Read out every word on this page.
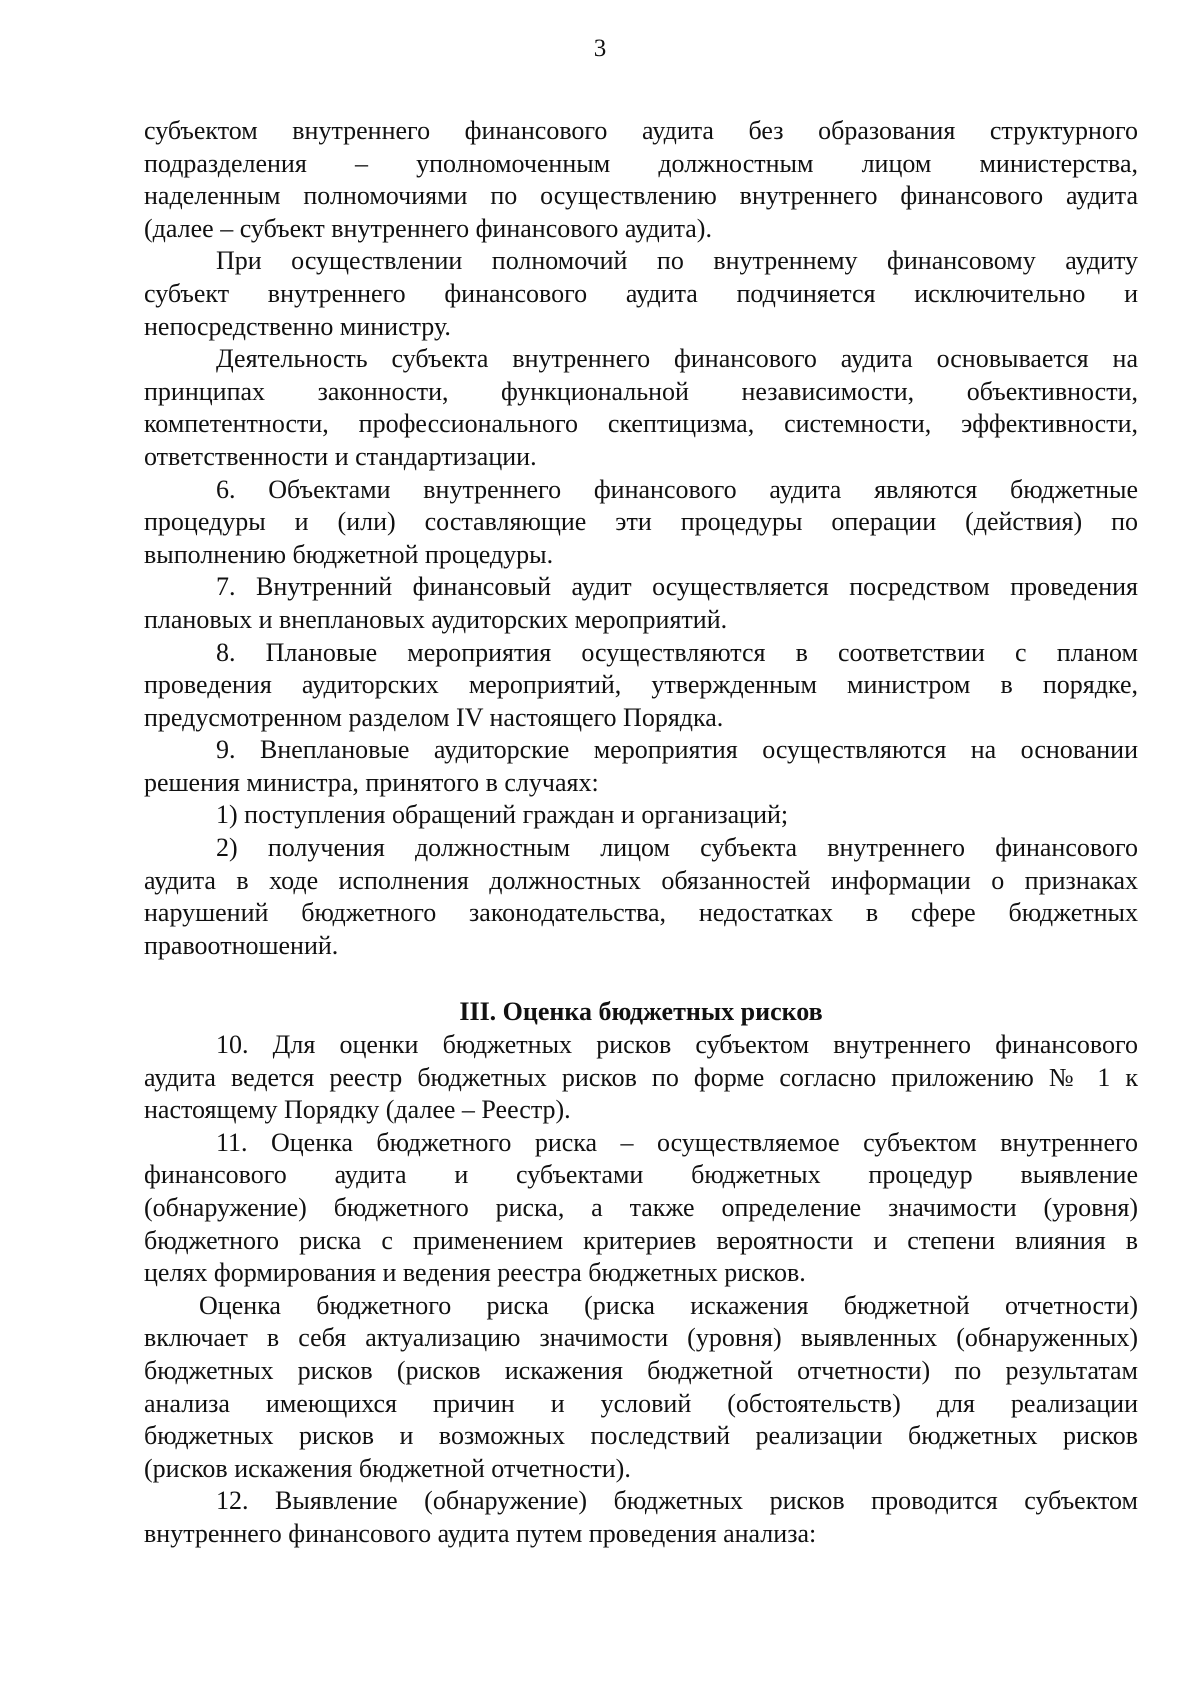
3
субъектом внутреннего финансового аудита без образования структурного
подразделения – уполномоченным должностным лицом министерства,
наделенным полномочиями по осуществлению внутреннего финансового аудита
(далее – субъект внутреннего финансового аудита).
При осуществлении полномочий по внутреннему финансовому аудиту
субъект внутреннего финансового аудита подчиняется исключительно и
непосредственно министру.
Деятельность субъекта внутреннего финансового аудита основывается на
принципах законности, функциональной независимости, объективности,
компетентности, профессионального скептицизма, системности, эффективности,
ответственности и стандартизации.
6. Объектами внутреннего финансового аудита являются бюджетные
процедуры и (или) составляющие эти процедуры операции (действия) по
выполнению бюджетной процедуры.
7. Внутренний финансовый аудит осуществляется посредством проведения
плановых и внеплановых аудиторских мероприятий.
8. Плановые мероприятия осуществляются в соответствии с планом
проведения аудиторских мероприятий, утвержденным министром в порядке,
предусмотренном разделом IV настоящего Порядка.
9. Внеплановые аудиторские мероприятия осуществляются на основании
решения министра, принятого в случаях:
1) поступления обращений граждан и организаций;
2) получения должностным лицом субъекта внутреннего финансового
аудита в ходе исполнения должностных обязанностей информации о признаках
нарушений бюджетного законодательства, недостатках в сфере бюджетных
правоотношений.
III. Оценка бюджетных рисков
10. Для оценки бюджетных рисков субъектом внутреннего финансового
аудита ведется реестр бюджетных рисков по форме согласно приложению № 1 к
настоящему Порядку (далее – Реестр).
11. Оценка бюджетного риска – осуществляемое субъектом внутреннего
финансового аудита и субъектами бюджетных процедур выявление
(обнаружение) бюджетного риска, а также определение значимости (уровня)
бюджетного риска с применением критериев вероятности и степени влияния в
целях формирования и ведения реестра бюджетных рисков.
Оценка бюджетного риска (риска искажения бюджетной отчетности)
включает в себя актуализацию значимости (уровня) выявленных (обнаруженных)
бюджетных рисков (рисков искажения бюджетной отчетности) по результатам
анализа имеющихся причин и условий (обстоятельств) для реализации
бюджетных рисков и возможных последствий реализации бюджетных рисков
(рисков искажения бюджетной отчетности).
12. Выявление (обнаружение) бюджетных рисков проводится субъектом
внутреннего финансового аудита путем проведения анализа:
